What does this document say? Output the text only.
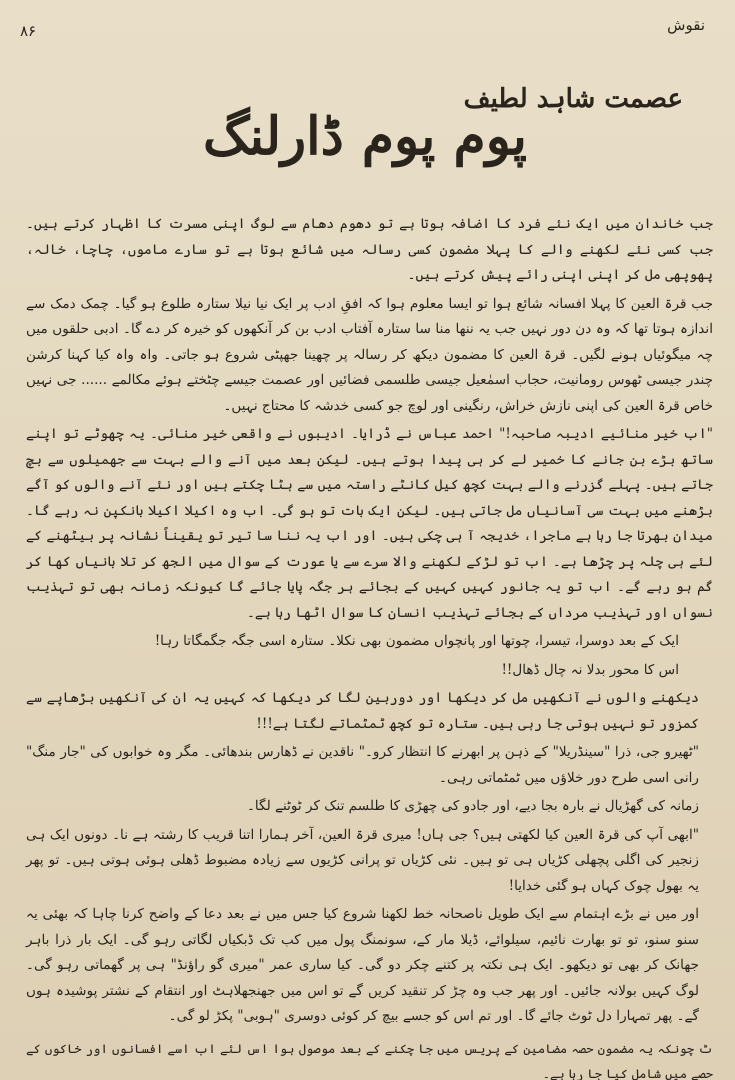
۸۶	نقوش
عصمت شاہد لطیف
پوم پوم ڈارلنگ

جب خاندان میں ایک نئے فرد کا اضافہ ہوتا ہے تو دھوم دھام سے لوگ اپنی مسرت کا اظہار کرتے ہیں۔ جب کسی نئے لکھنے والے کا پہلا مضمون کسی رسالہ میں شائع ہوتا ہے تو سارے ماموں، چاچا، خالہ، پھوپھی مل کر اپنی اپنی رائے پیش کرتے ہیں۔

جب قرۃ العین کا پہلا افسانہ شائع ہوا تو ایسا معلوم ہوا کہ افقِ ادب پر ایک نیا نیلا ستارہ طلوع ہو گیا۔ چمک دمک سے اندازہ ہوتا تھا کہ وہ دن دور نہیں جب یہ ننھا منا سا ستارہ آفتاب ادب بن کر آنکھوں کو خیرہ کر دے گا۔ ادبی حلقوں میں چہ میگوئیاں ہونے لگیں۔ قرۃ العین کا مضمون دیکھ کر رسالہ پر چھینا جھپٹی شروع ہو جاتی۔ واہ واہ کیا کہنا کرشن چندر جیسی ٹھوس رومانیت، حجاب اسمٰعیل جیسی طلسمی فضائیں اور عصمت جیسے چٹختے ہوئے مکالمے ...... جی نہیں خاص قرۃ العین کی اپنی نازش خراش، رنگینی اور لوچ جو کسی خدشہ کا محتاج نہیں۔

"اب خیر منائیے ادیبہ صاحبہ!" احمد عباس نے ڈرایا۔ ادیبوں نے واقعی خیر منائی۔ یہ چھوٹے تو اپنے ساتھ بڑے بن جانے کا خمیر لے کر ہی پیدا ہوتے ہیں۔ لیکن بعد میں آنے والے بہت سے جھمیلوں سے بچ جاتے ہیں۔ پہلے گزرنے والے بہت کچھ کیل کانٹے راستہ میں سے ہٹا چکتے ہیں اور نئے آنے والوں کو آگے بڑھنے میں بہت سی آسانیاں مل جاتی ہیں۔ لیکن ایک بات تو ہو گی۔ اب وہ اکیلا اکیلا بانکپن نہ رہے گا۔ میدان بھرتا جا رہا ہے ماجرا، خدیجہ آ ہی چکی ہیں۔ اور اب یہ ننا سا تیر تو یقیناً نشانہ پر بیٹھنے کے لئے ہی چلہ پر چڑھا ہے۔ اب تو لڑکے لکھنے والا سرے سے یا عورت کے سوال میں الجھ کر تلا بانیاں کھا کر گم ہو رہے گے۔ اب تو یہ جانور کہیں کہیں کے بجائے ہر جگہ پایا جائے گا کیونکہ زمانہ بھی تو تہذیب نسواں اور تہذیب مرداں کے بجائے تہذیب انسان کا سوال اٹھا رہا ہے۔

ایک کے بعد دوسرا، تیسرا، چوتھا اور پانچواں مضمون بھی نکلا۔ ستارہ اسی جگہ جگمگاتا رہا!

اس کا محور بدلا نہ چال ڈھال!!

دیکھنے والوں نے آنکھیں مل کر دیکھا اور دوربین لگا کر دیکھا کہ کہیں یہ ان کی آنکھیں بڑھاپے سے کمزور تو نہیں ہوتی جا رہی ہیں۔ ستارہ تو کچھ ٹمٹماتے لگتا ہے!!!

"ٹھیرو جی، ذرا "سینڈریلا" کے ذہن پر ابھرنے کا انتظار کرو۔" ناقدین نے ڈھارس بندھائی۔ مگر وہ خوابوں کی "جار منگ" رانی اسی طرح دور خلاؤں میں ٹمٹماتی رہی۔

زمانہ کی گھڑیال نے بارہ بجا دیے، اور جادو کی چھڑی کا طلسم تنک کر ٹوٹنے لگا۔

"ابھی آپ کی قرۃ العین کیا لکھتی ہیں؟ جی ہاں! میری قرۃ العین، آخر ہمارا اتنا قریب کا رشتہ ہے نا۔ دونوں ایک ہی زنجیر کی اگلی پچھلی کڑیاں ہی تو ہیں۔ نئی کڑیاں تو پرانی کڑیوں سے زیادہ مضبوط ڈھلی ہوئی ہوتی ہیں۔ تو پھر یہ بھول چوک کہاں ہو گئی خدایا!

اور میں نے بڑے اہتمام سے ایک طویل ناصحانہ خط لکھنا شروع کیا جس میں نے بعد دعا کے واضح کرنا چاہا کہ بھئی یہ سنو سنو، تو تو بھارت نائیم، سیلوائے، ڈیلا مار کے، سونمنگ پول میں کب تک ڈبکیاں لگاتی رہو گی۔ ایک بار ذرا باہر جھانک کر بھی تو دیکھو۔ ایک ہی نکتہ پر کتنے چکر دو گی۔ کیا ساری عمر "میری گو راؤنڈ" ہی پر گھماتی رہو گی۔ لوگ کہیں بولانہ جائیں۔ اور پھر جب وہ چڑ کر تنقید کریں گے تو اس میں جھنجھلاہٹ اور انتقام کے نشتر پوشیدہ ہوں گے۔ پھر تمہارا دل ٹوٹ جائے گا۔ اور تم اس کو جسے بیچ کر کوئی دوسری "ہوبی" پکڑ لو گی۔

ٹ چونکہ یہ مضمون حصہ مضامین کے پریس میں جا چکنے کے بعد موصول ہوا اس لئے اب اسے افسانوں اور خاکوں کے حصے میں شامل کیا جا رہا ہے۔
